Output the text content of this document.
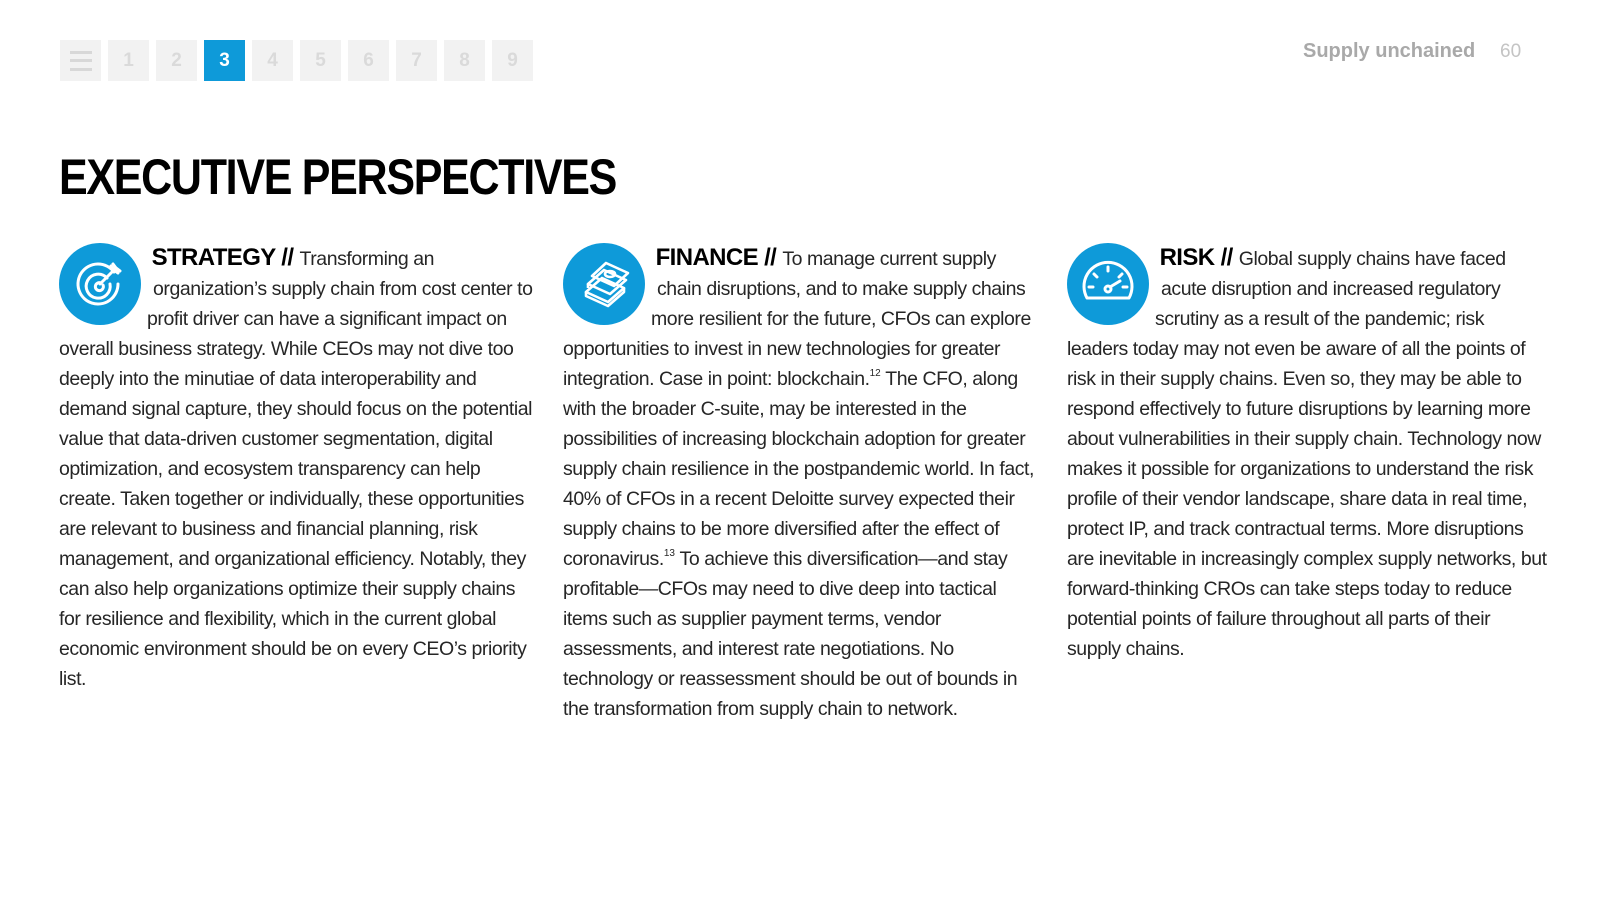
1	2	3	4	5	6	7	8	9	Supply unchained 60
EXECUTIVE PERSPECTIVES
STRATEGY // Transforming an organization’s supply chain from cost center to profit driver can have a significant impact on overall business strategy. While CEOs may not dive too deeply into the minutiae of data interoperability and demand signal capture, they should focus on the potential value that data-driven customer segmentation, digital optimization, and ecosystem transparency can help create. Taken together or individually, these opportunities are relevant to business and financial planning, risk management, and organizational efficiency. Notably, they can also help organizations optimize their supply chains for resilience and flexibility, which in the current global economic environment should be on every CEO’s priority list.
FINANCE // To manage current supply chain disruptions, and to make supply chains more resilient for the future, CFOs can explore opportunities to invest in new technologies for greater integration. Case in point: blockchain.$^{12}$ The CFO, along with the broader C-suite, may be interested in the possibilities of increasing blockchain adoption for greater supply chain resilience in the postpandemic world. In fact, 40% of CFOs in a recent Deloitte survey expected their supply chains to be more diversified after the effect of coronavirus.$^{13}$ To achieve this diversification—and stay profitable—CFOs may need to dive deep into tactical items such as supplier payment terms, vendor assessments, and interest rate negotiations. No technology or reassessment should be out of bounds in the transformation from supply chain to network.
RISK // Global supply chains have faced acute disruption and increased regulatory scrutiny as a result of the pandemic; risk leaders today may not even be aware of all the points of risk in their supply chains. Even so, they may be able to respond effectively to future disruptions by learning more about vulnerabilities in their supply chain. Technology now makes it possible for organizations to understand the risk profile of their vendor landscape, share data in real time, protect IP, and track contractual terms. More disruptions are inevitable in increasingly complex supply networks, but forward-thinking CROs can take steps today to reduce potential points of failure throughout all parts of their supply chains.
